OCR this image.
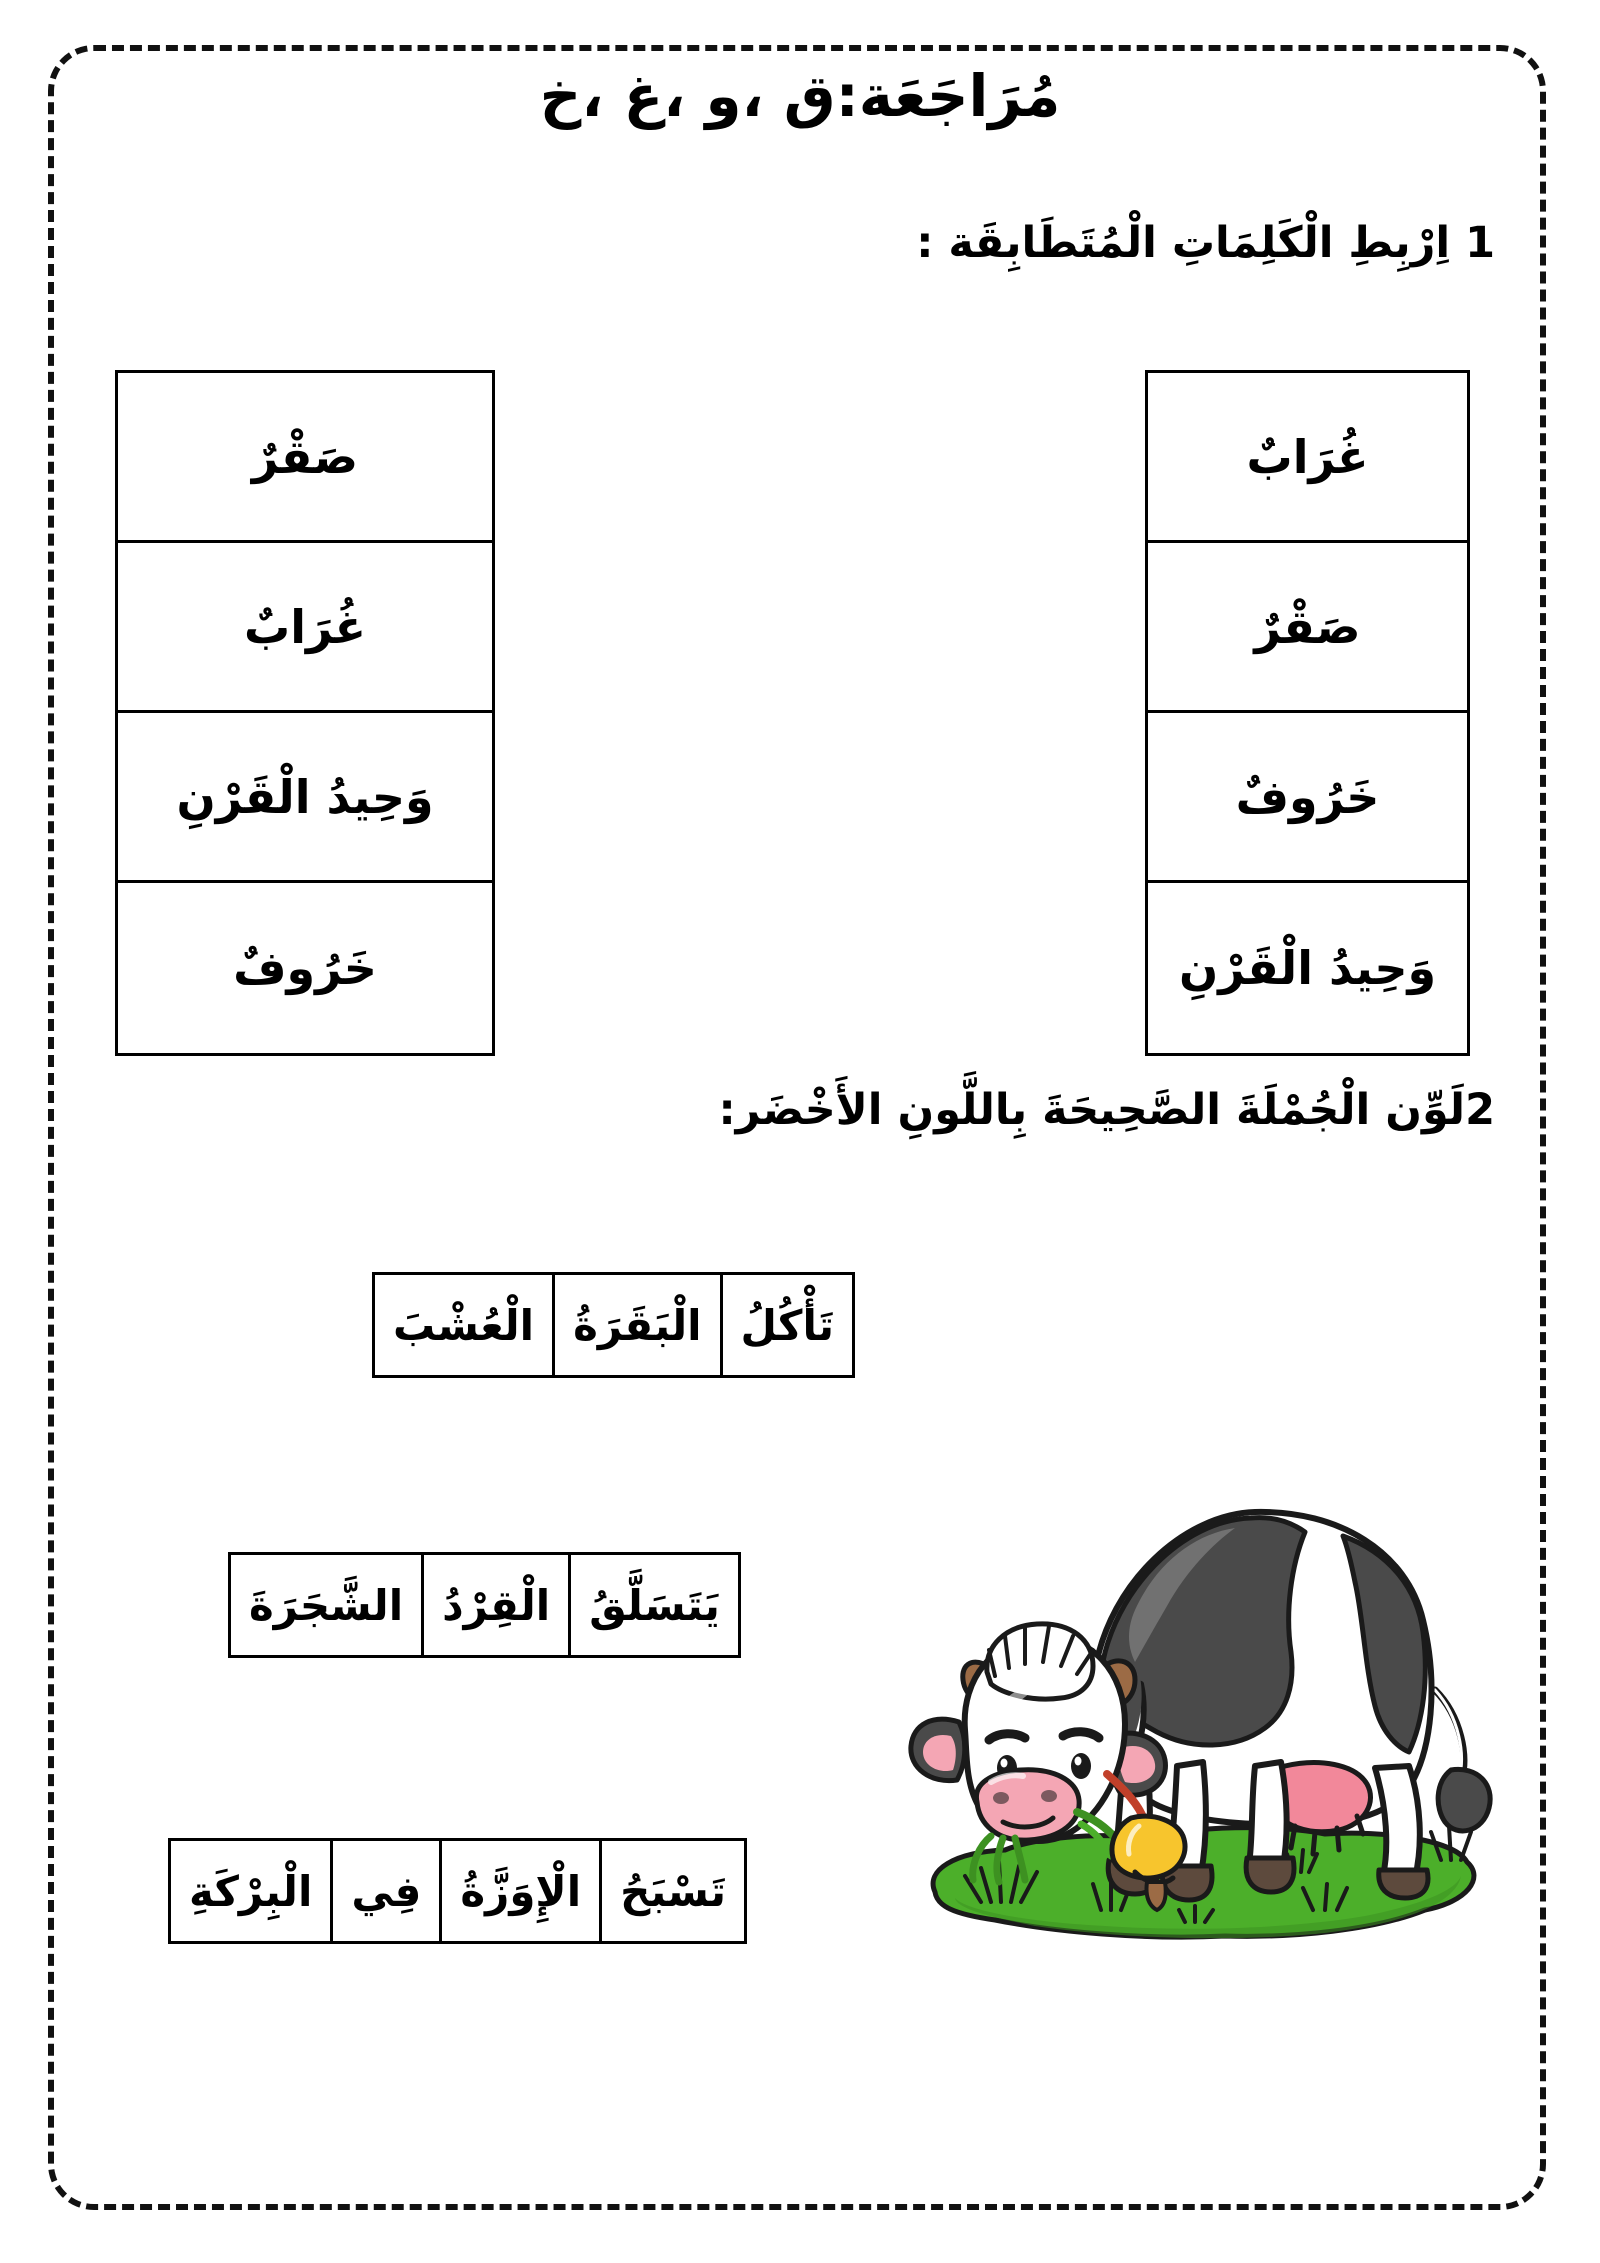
مُرَاجَعَة:ق ،و ،غ ،خ
1 اِرْبِطِ الْكَلِمَاتِ الْمُتَطَابِقَة :
غُرَابٌ
صَقْرٌ
خَرُوفٌ
وَحِيدُ الْقَرْنِ
صَقْرٌ
غُرَابٌ
وَحِيدُ الْقَرْنِ
خَرُوفٌ
2لَوِّن الْجُمْلَةَ الصَّحِيحَةَ بِاللَّونِ الأَخْضَر:
تَأْكُلُ
الْبَقَرَةُ
الْعُشْبَ
يَتَسَلَّقُ
الْقِرْدُ
الشَّجَرَةَ
تَسْبَحُ
الْإِوَزَّةُ
فِي
الْبِرْكَةِ
